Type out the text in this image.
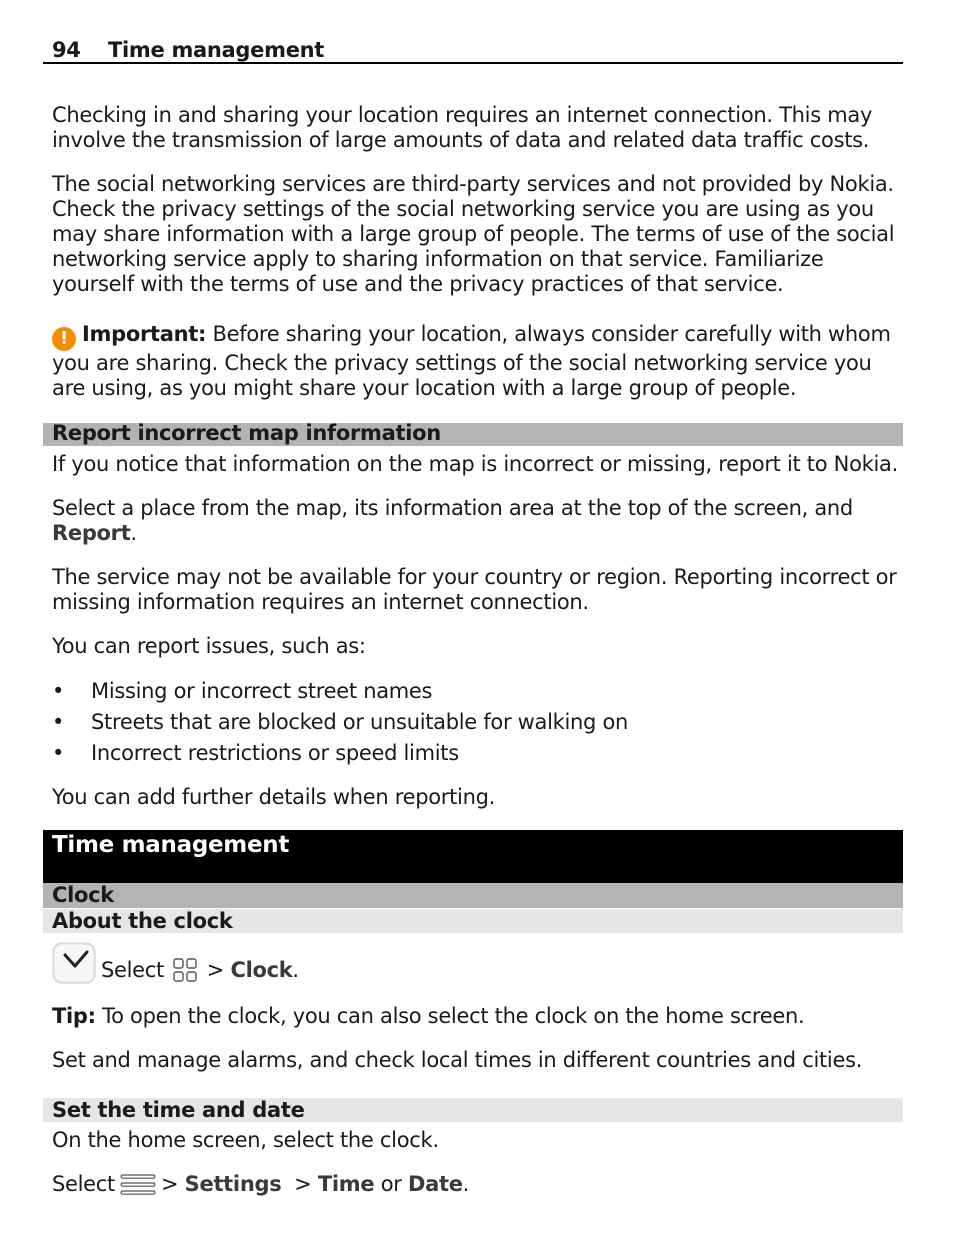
94 Time management
Checking in and sharing your location requires an internet connection. This may involve the transmission of large amounts of data and related data traffic costs.
The social networking services are third-party services and not provided by Nokia. Check the privacy settings of the social networking service you are using as you may share information with a large group of people. The terms of use of the social networking service apply to sharing information on that service. Familiarize yourself with the terms of use and the privacy practices of that service.
! Important: Before sharing your location, always consider carefully with whom you are sharing. Check the privacy settings of the social networking service you are using, as you might share your location with a large group of people.
Report incorrect map information
If you notice that information on the map is incorrect or missing, report it to Nokia.
Select a place from the map, its information area at the top of the screen, and
Report.
The service may not be available for your country or region. Reporting incorrect or missing information requires an internet connection.
You can report issues, such as:
• Missing or incorrect street names
• Streets that are blocked or unsuitable for walking on
• Incorrect restrictions or speed limits
You can add further details when reporting.
Time management
Clock
About the clock
Select > Clock.
Tip: To open the clock, you can also select the clock on the home screen.
Set and manage alarms, and check local times in different countries and cities.
Set the time and date
On the home screen, select the clock.
Select > Settings > Time or Date.
